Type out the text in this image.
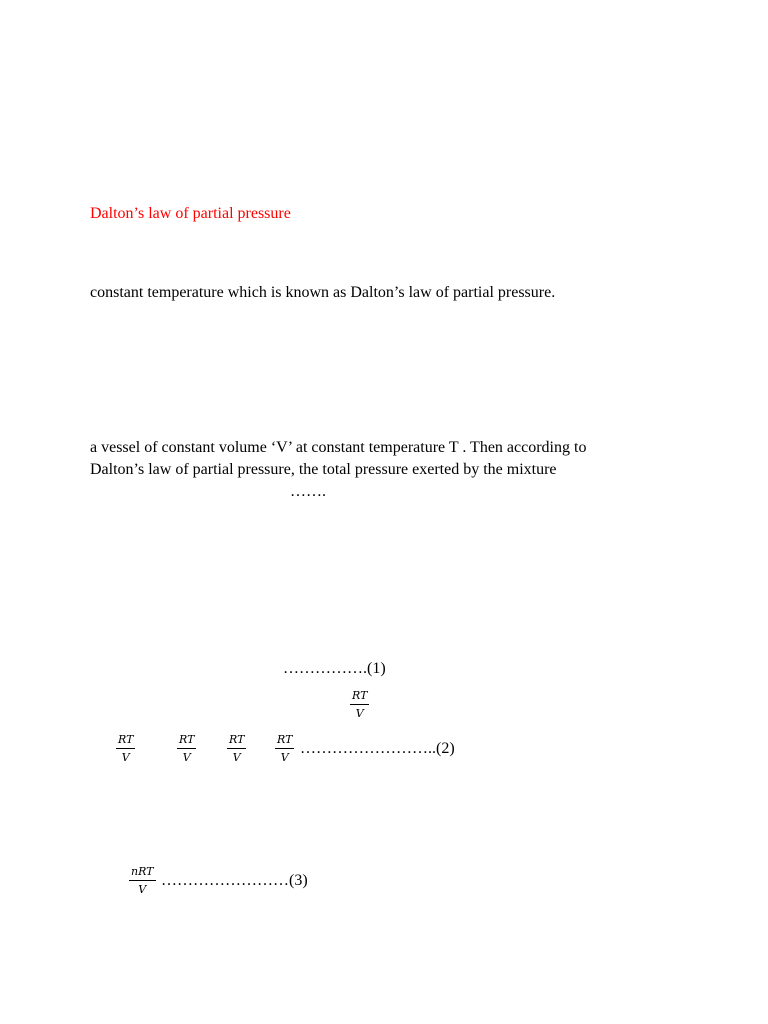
Dalton’s law of partial pressure

constant temperature which is known as Dalton’s law of partial pressure.

a vessel of constant volume ‘V’ at constant temperature T . Then according to

Dalton’s law of partial pressure, the total pressure exerted by the mixture

…….

…………….(1)

RT
V
RT
V
RT
V
RT
V
RT
V

……………………..(2)

nRT
V

……………………(3)
